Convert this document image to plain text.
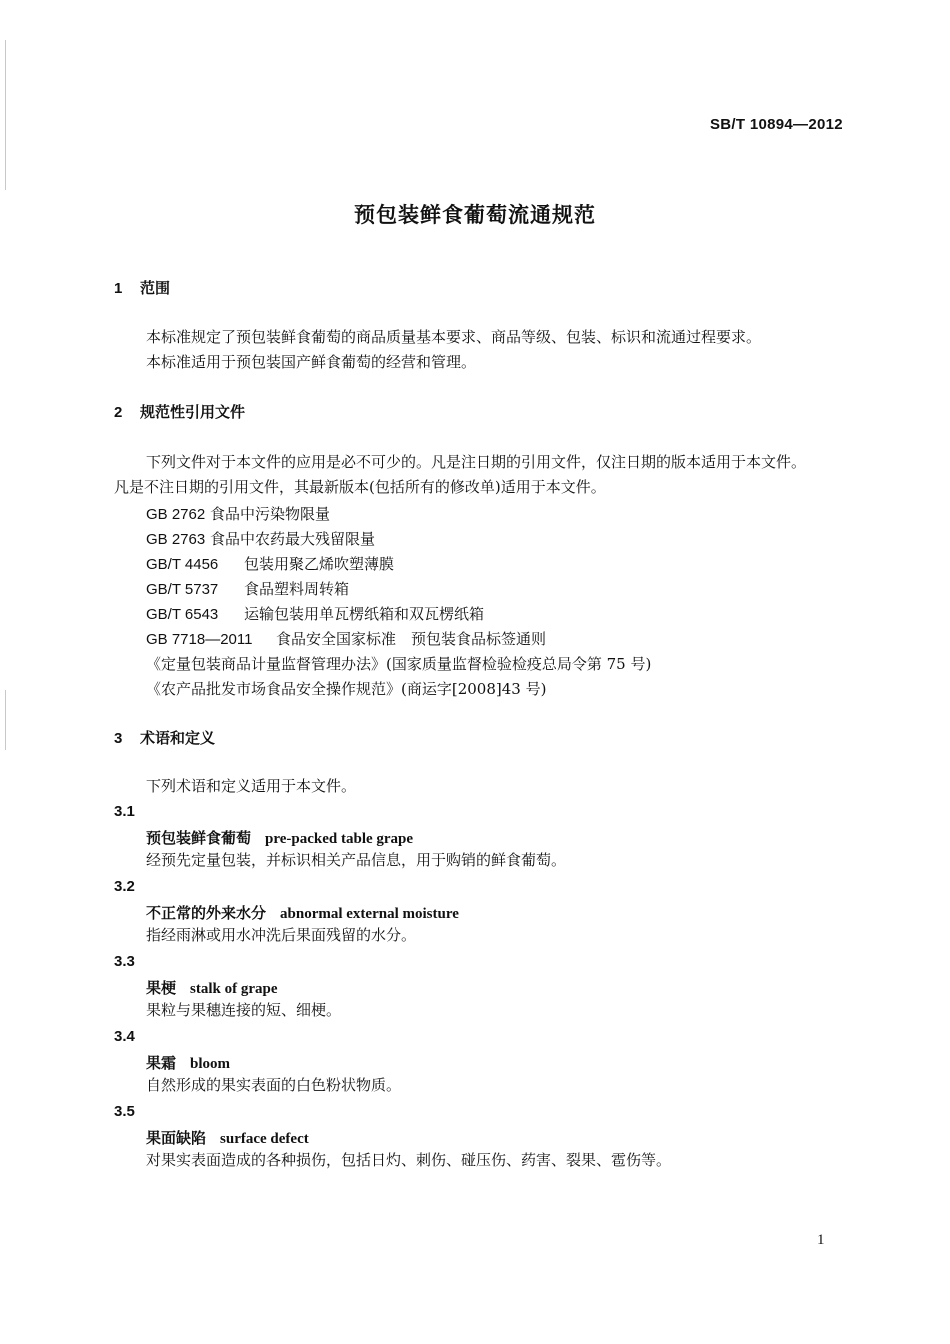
SB/T 10894—2012
预包装鲜食葡萄流通规范
1 范围
本标准规定了预包装鲜食葡萄的商品质量基本要求、商品等级、包装、标识和流通过程要求。
本标准适用于预包装国产鲜食葡萄的经营和管理。
2 规范性引用文件
下列文件对于本文件的应用是必不可少的。凡是注日期的引用文件，仅注日期的版本适用于本文件。
凡是不注日期的引用文件，其最新版本(包括所有的修改单)适用于本文件。
GB 2762 食品中污染物限量
GB 2763 食品中农药最大残留限量
GB/T 4456 包装用聚乙烯吹塑薄膜
GB/T 5737 食品塑料周转箱
GB/T 6543 运输包装用单瓦楞纸箱和双瓦楞纸箱
GB 7718—2011 食品安全国家标准　预包装食品标签通则
《定量包装商品计量监督管理办法》(国家质量监督检验检疫总局令第 75 号)
《农产品批发市场食品安全操作规范》(商运字[2008]43 号)
3 术语和定义
下列术语和定义适用于本文件。
3.1
预包装鲜食葡萄 pre-packed table grape
经预先定量包装，并标识相关产品信息，用于购销的鲜食葡萄。
3.2
不正常的外来水分 abnormal external moisture
指经雨淋或用水冲洗后果面残留的水分。
3.3
果梗 stalk of grape
果粒与果穗连接的短、细梗。
3.4
果霜 bloom
自然形成的果实表面的白色粉状物质。
3.5
果面缺陷 surface defect
对果实表面造成的各种损伤，包括日灼、刺伤、碰压伤、药害、裂果、雹伤等。
1
